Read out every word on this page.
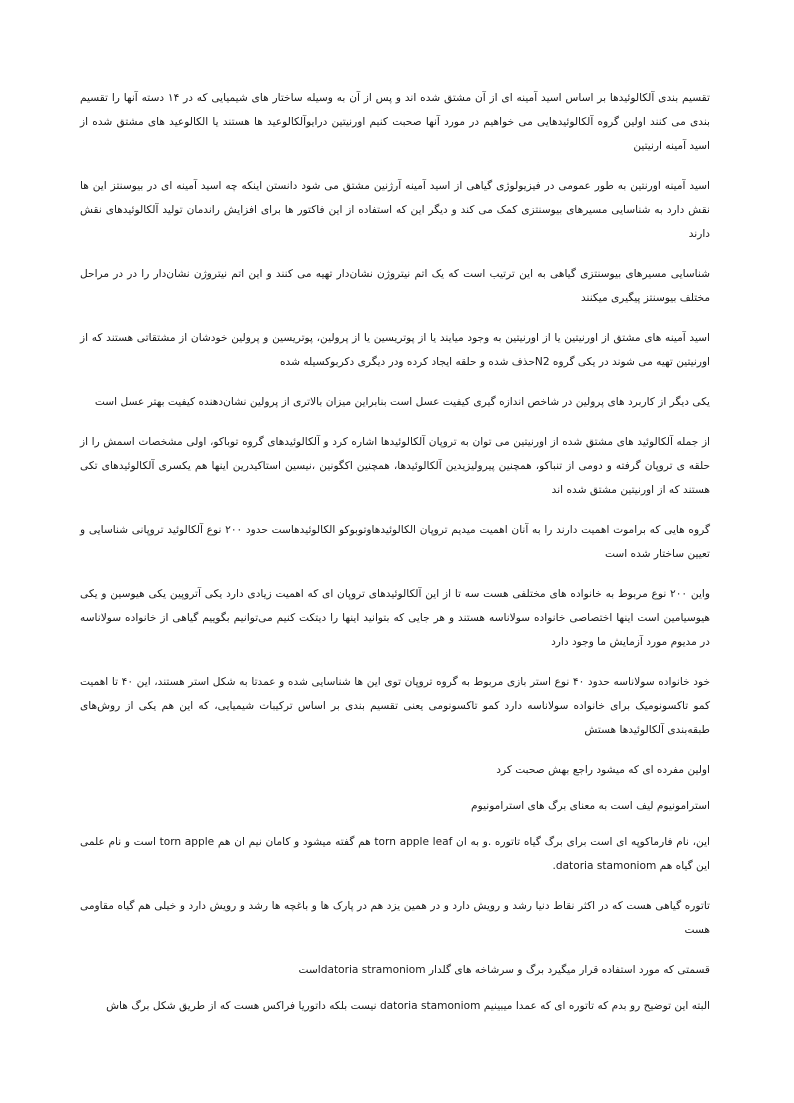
تقسیم بندی آلکالوئیدها بر اساس اسید آمینه ای از آن مشتق شده اند و پس از آن به وسیله ساختار های شیمیایی که در ۱۴ دسته آنها را تقسیم بندی می کنند اولین گروه آلکالوئیدهایی می خواهیم در مورد آنها صحبت کنیم اورنیتین درایوآلکالوعید ها هستند یا الکالوعید های مشتق شده از اسید آمینه ارنیتین

اسید آمینه اورنتین به طور عمومی در فیزیولوژی گیاهی از اسید آمینه آرژنین مشتق می شود دانستن اینکه چه اسید آمینه ای در بیوسنتز این ها نقش دارد به شناسایی مسیرهای بیوسنتزی کمک می کند و دیگر این که استفاده از این فاکتور ها برای افزایش راندمان تولید آلکالوئیدهای نقش دارند

شناسایی مسیرهای بیوسنتزی گیاهی به این ترتیب است که یک اتم نیتروژن نشان‌دار تهیه می کنند و این اتم نیتروژن نشان‌دار را در در مراحل مختلف بیوسنتز پیگیری میکنند

اسید آمینه های مشتق از اورنیتین یا از اورنیتین به وجود میایند یا از پوتریسین یا از پرولین، پوتریسین و پرولین خودشان از مشتقاتی هستند که از اورنیتین تهیه می شوند در یکی گروه N2حذف شده و حلقه ایجاد کرده ودر دیگری دکربوکسیله شده

یکی دیگر از کاربرد های پرولین در شاخص اندازه گیری کیفیت عسل است بنابراین میزان بالاتری از پرولین نشان‌دهنده کیفیت بهتر عسل است

از جمله آلکالوئید های مشتق شده از اورنیتین می توان به تروپان آلکالوئیدها اشاره کرد و آلکالوئیدهای گروه توباکو، اولی مشخصات اسمش را از حلقه ی تروپان گرفته و دومی از تنباکو، همچنین پیرولیزیدین آلکالوئیدها، همچنین اکگونین ،نیسین استاکیدرین اینها هم یکسری آلکالوئیدهای تکی هستند که از اورنیتین مشتق شده اند

گروه هایی که براموت اهمیت دارند را به آنان اهمیت میدیم تروپان الکالوئیدهاوتوبوکو الکالوئیدهاست حدود ۲۰۰ نوع آلکالوئید تروپانی شناسایی و تعیین ساختار شده است

واین ۲۰۰ نوع مربوط به خانواده های مختلفی هست سه تا از این آلکالوئیدهای تروپان ای که اهمیت زیادی دارد یکی آتروپین یکی هیوسین و یکی هیوسیامین است اینها اختصاصی خانواده سولاناسه هستند و هر جایی که بتوانید اینها را دیتکت کنیم می‌توانیم بگوییم گیاهی از خانواده سولاناسه در مدیوم مورد آزمایش ما وجود دارد

خود خانواده سولاناسه حدود ۴۰ نوع استر بازی مربوط به گروه تروپان توی این ها شناسایی شده و عمدتا به شکل استر هستند، این ۴۰ تا اهمیت کمو تاکسونومیک برای خانواده سولاناسه دارد کمو تاکسونومی یعنی تقسیم بندی بر اساس ترکیبات شیمیایی، که این هم یکی از روش‌های طبقه‌بندی آلکالوئیدها هستش

اولین مفرده ای که میشود راجع بهش صحبت کرد

استرامونیوم لیف است به معنای برگ های استرامونیوم

این، نام فارماکوپه ای است برای برگ گیاه تاتوره .و به ان torn apple leaf هم گفته میشود و کامان نیم ان هم torn apple است و نام علمی این گیاه هم datoria stamoniom.

تاتوره گیاهی هست که در اکثر نقاط دنیا رشد و رویش دارد و در همین یزد هم در پارک ها و باغچه ها رشد و رویش دارد و خیلی هم گیاه مقاومی هست

قسمتی که مورد استفاده قرار میگیرد برگ و سرشاخه های گلدار datoria stramoniomاست

البته این توضیح رو بدم که تاتوره ای که عمدا میبینیم datoria stamoniom نیست بلکه داتوریا فراکس هست که از طریق شکل برگ هاش
